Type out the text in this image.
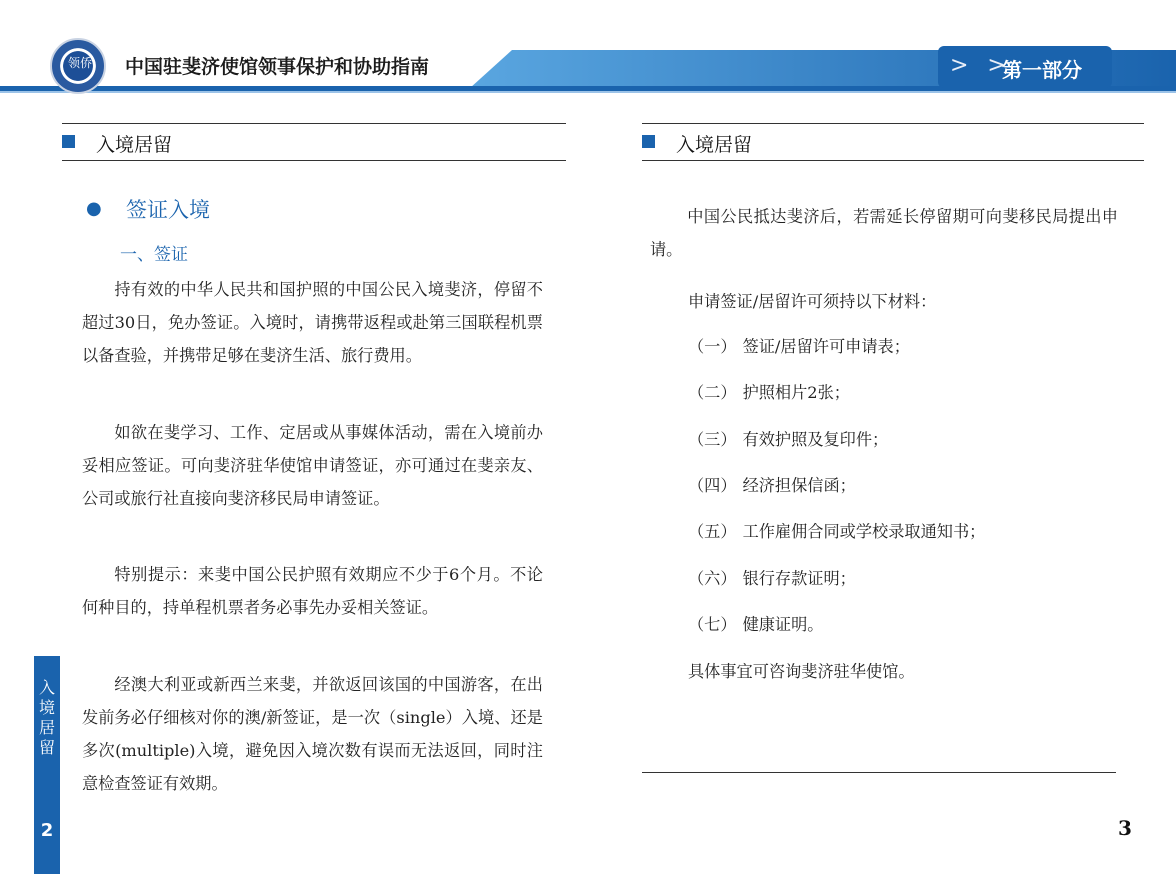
领侨 中国驻斐济使馆领事保护和协助指南	> >
第一部分
入境居留
● 签证入境
一、签证
持有效的中华人民共和国护照的中国公民入境斐济，停留不超过30日，免办签证。入境时，请携带返程或赴第三国联程机票以备查验，并携带足够在斐济生活、旅行费用。
如欲在斐学习、工作、定居或从事媒体活动，需在入境前办妥相应签证。可向斐济驻华使馆申请签证，亦可通过在斐亲友、公司或旅行社直接向斐济移民局申请签证。
特别提示：来斐中国公民护照有效期应不少于6个月。不论何种目的，持单程机票者务必事先办妥相关签证。
经澳大利亚或新西兰来斐，并欲返回该国的中国游客，在出发前务必仔细核对你的澳/新签证，是一次（single）入境、还是多次(multiple)入境，避免因入境次数有误而无法返回，同时注意检查签证有效期。
入境居留
2
入境居留
中国公民抵达斐济后，若需延长停留期可向斐移民局提出申请。
申请签证/居留许可须持以下材料：
（一） 签证/居留许可申请表；
（二） 护照相片2张；
（三） 有效护照及复印件；
（四） 经济担保信函；
（五） 工作雇佣合同或学校录取通知书；
（六） 银行存款证明；
（七） 健康证明。
具体事宜可咨询斐济驻华使馆。
3
